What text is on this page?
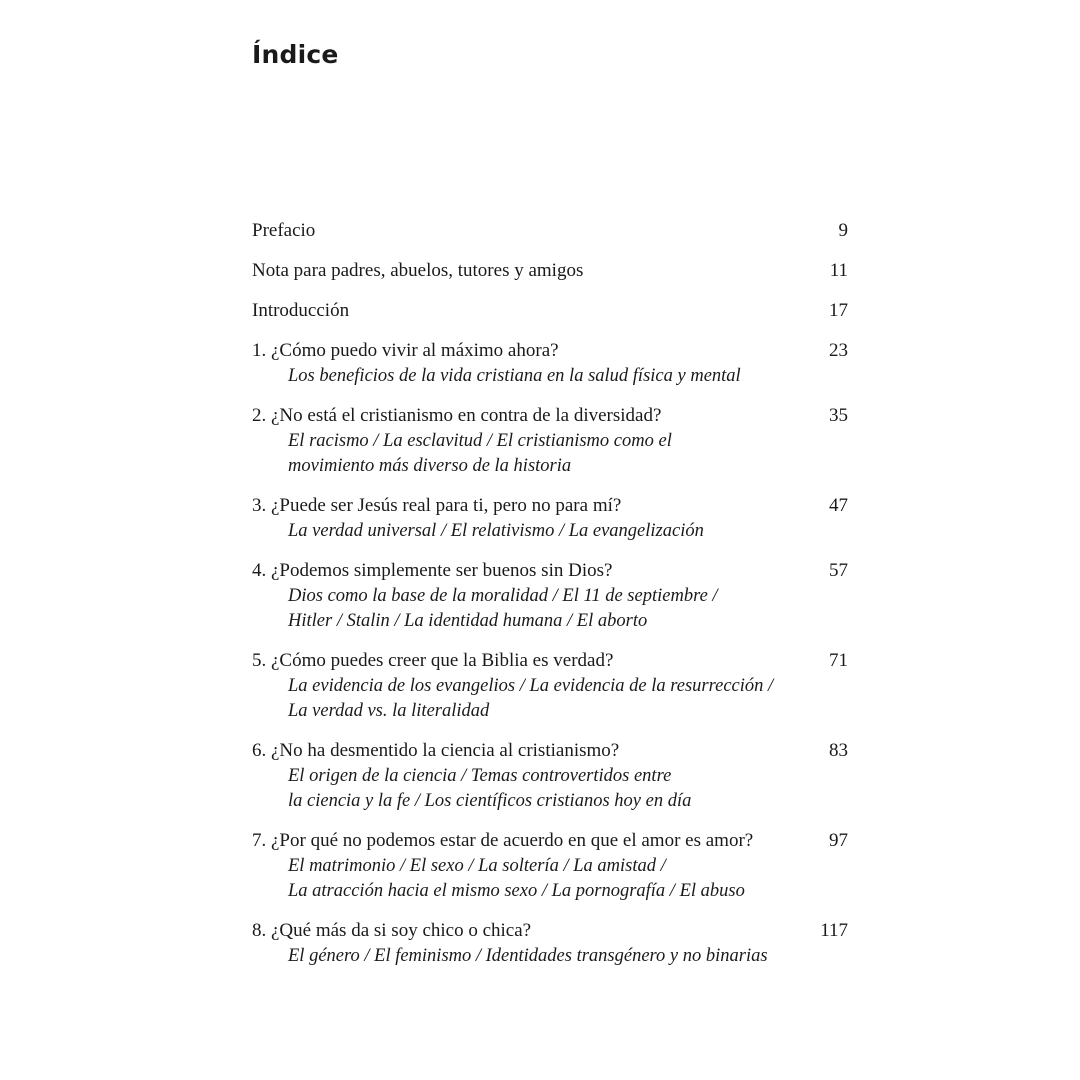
Índice
Prefacio	9
Nota para padres, abuelos, tutores y amigos	11
Introducción	17
1. ¿Cómo puedo vivir al máximo ahora?	23
Los beneficios de la vida cristiana en la salud física y mental
2. ¿No está el cristianismo en contra de la diversidad?	35
El racismo / La esclavitud / El cristianismo como el
movimiento más diverso de la historia
3. ¿Puede ser Jesús real para ti, pero no para mí?	47
La verdad universal / El relativismo / La evangelización
4. ¿Podemos simplemente ser buenos sin Dios?	57
Dios como la base de la moralidad / El 11 de septiembre /
Hitler / Stalin / La identidad humana / El aborto
5. ¿Cómo puedes creer que la Biblia es verdad?	71
La evidencia de los evangelios / La evidencia de la resurrección /
La verdad vs. la literalidad
6. ¿No ha desmentido la ciencia al cristianismo?	83
El origen de la ciencia / Temas controvertidos entre
la ciencia y la fe / Los científicos cristianos hoy en día
7. ¿Por qué no podemos estar de acuerdo en que el amor es amor?	97
El matrimonio / El sexo / La soltería / La amistad /
La atracción hacia el mismo sexo / La pornografía / El abuso
8. ¿Qué más da si soy chico o chica?	117
El género / El feminismo / Identidades transgénero y no binarias
